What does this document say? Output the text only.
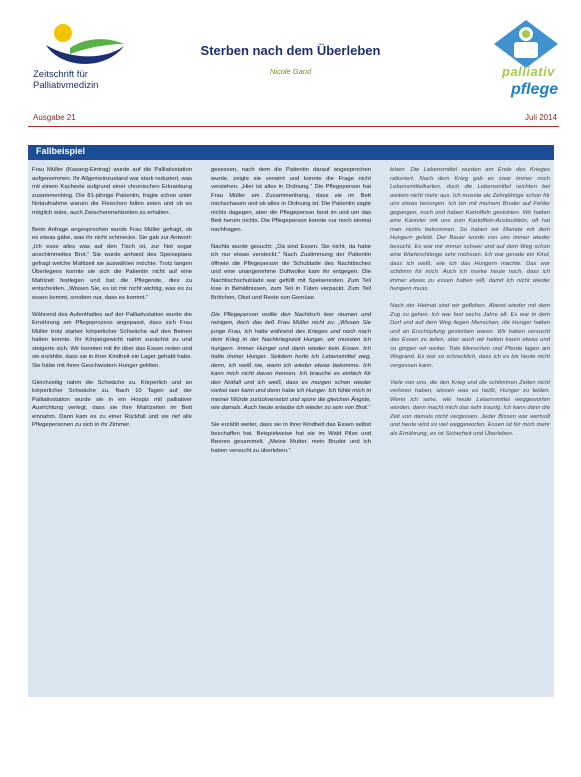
Zeitschrift für
Palliativmedizin
Sterben nach dem Überleben
Nicole Gand	palliativ
pflege
Ausgabe 21	Juli 2014
Fallbeispiel

Frau Müller (Kasang-Eintrag) wurde auf die Palliativstation aufgenommen. Ihr Allgemeinzustand war stark reduziert, was mit einem Kachexie aufgrund einer chronischen Erkrankung zusammenhing. Die 81-jährige Patientin, fragte schon unter Notaufnahme warum die Fleischen fallen seien und ob es möglich wäre, auch Zwischenmahlzeiten zu erhalten.

Beim Anfrage angesprochen wurde Frau Müller gefragt, ob es etwas gäbe, was ihr nicht schmecke. Sie gab zur Antwort: „Ich esse alles was auf den Tisch ist, zur Not sogar anschimmeltes Brot.“ Sie wurde anhand des Speiseplans gefragt welche Mahlzeit sie auswählen möchte. Trotz langen Überlegens konnte sie sich die Patientin nicht auf eine Mahlzeit festlegen und bat die Pflegende, dies zu entscheiden. „Wissen Sie, es ist mir nicht wichtig, was es zu essen kommt, sondern nur, dass es kommt.“

Während des Aufenthaltes auf der Palliativstation wurde die Ernährung am Pflegeprozess angepasst, dass sich Frau Müller trotz starker körperlicher Schwäche auf den Beinen halten konnte. Ihr Körpergewicht nahm zunächst zu und steigerte sich. Wir konnten mit ihr über das Essen reden und sie erzählte, dass sie in ihrer Kindheit ein Lager gehabt habe. Sie hätte mit ihren Geschwistern Hunger gelitten.

Gleichzeitig nahm die Schwäche zu. Körperlich und an körperlicher Schwäche zu. Nach 10 Tagen auf der Palliativstation wurde sie in ein Hospiz mit palliativer Ausrichtung verlegt, dass sie ihre Mahlzeiten im Bett einnahm. Dann kam es zu einer Rückfall und sie rief alle Pflegepersonen zu sich in ihr Zimmer.

gesessen, nach dem die Patientin darauf angesprochen wurde, zeigte sie verwirrt und konnte die Frage nicht verstehen. „Hier ist alles in Ordnung.“ Die Pflegeperson hat Frau Müller am Zusammenhang, dass sie im Bett nachschauen und ob alles in Ordnung ist. Die Patientin sagte nichts dagegen, aber die Pflegeperson fand im und um das Bett herum nichts. Die Pflegeperson konnte nur noch einmal nachfragen.

Nachts wurde gesucht: „Da sind Essen. Sie nicht, da habe ich nur etwas versteckt.“ Nach Zustimmung der Patientin öffnete die Pflegeperson die Schublade des Nachttisches und eine unangenehme Duftwolke kam ihr entgegen. Die Nachtischschublade war gefüllt mit Speiseresten. Zum Teil lose in Behältnissen, zum Teil in Tüten verpackt. Zum Teil Brötchen, Obst und Reste von Gemüse.

Die Pflegeperson wollte den Nachtisch leer räumen und reinigen, doch das ließ Frau Müller nicht zu: „Wissen Sie junge Frau, ich hatte während des Krieges und noch nach dem Krieg in der Nachkriegszeit Hunger, wir mussten ich hungern. Immer Hunger und dann wieder kein Essen. Ich hatte immer Hunger. Seitdem horte ich Lebensmittel weg, denn, ich weiß nie, wann ich wieder etwas bekomme. Ich kann mich nicht davon trennen. Ich brauche es einfach für den Notfall und ich weiß, dass es morgen schon wieder vorbei sein kann und dann habe ich Hunger. Ich fühle mich in meiner Würde zurückversetzt und spüre die gleichen Ängste, wie damals. Auch heute erlaube ich wieder zu sein von Brot.“

Sie erzählt weiter, dass sie in ihrer Kindheit das Essen selbst beschaffen hat. Beispielweise hat sie im Wald Pilze und Beeren gesammelt. „Meine Mutter, mein Bruder und ich haben versucht zu überleben.“

leben. Die Lebensmittel wurden am Ende des Krieges rationiert. Nach dem Krieg gab es zwar immer noch Lebensmittelkarten, doch die Lebensmittel reichten bei weitem nicht mehr aus. Ich musste als Zehnjährige schon für uns etwas besorgen. Ich bin mit meinem Bruder auf Felder gegangen, noch und haben Kartoffeln gestohlen. Wir hatten eine Kanister mit uns zum Kartoffeln-Ausbuddeln, oft hat man nichts bekommen. So haben wir Monate mit dem Hungern gelebt. Der Bauer wurde von uns immer wieder besucht. Es war mir immer schwer und auf dem Weg schon eine Warteschlange sehr mühsam. Ich war gerade ein Kind, dass ich weiß, wie ich das Hungern machte. Das war schlimm für mich. Auch ich merke heute noch, dass ich immer etwas zu essen haben will, damit ich nicht wieder hungern muss.

Nach der Heimat sind wir geflohen, Abend wieder mit dem Zug zu gehen. Ich war fast sechs Jahre alt. Es war in dem Dorf und auf dem Weg liegen Menschen, die Hunger hatten und an Erschöpfung gestorben waren. Wir haben versucht das Essen zu teilen, aber auch wir hatten kaum etwas und so gingen wir weiter. Tote Menschen und Pferde lagen am Wegrand. Es war so schrecklich, dass ich es bis heute nicht vergessen kann.

Viele von uns, die den Krieg und die schlimmen Zeiten nicht verloren haben, wissen was es heißt, Hunger zu leiden. Wenn ich sehe, wie heute Lebensmittel weggeworfen werden, dann macht mich das sehr traurig. Ich kann dann die Zeit von damals nicht vergessen. Jeder Bissen war wertvoll und heute wird so viel weggeworfen. Essen ist für mich mehr als Ernährung, es ist Sicherheit und Überleben.
